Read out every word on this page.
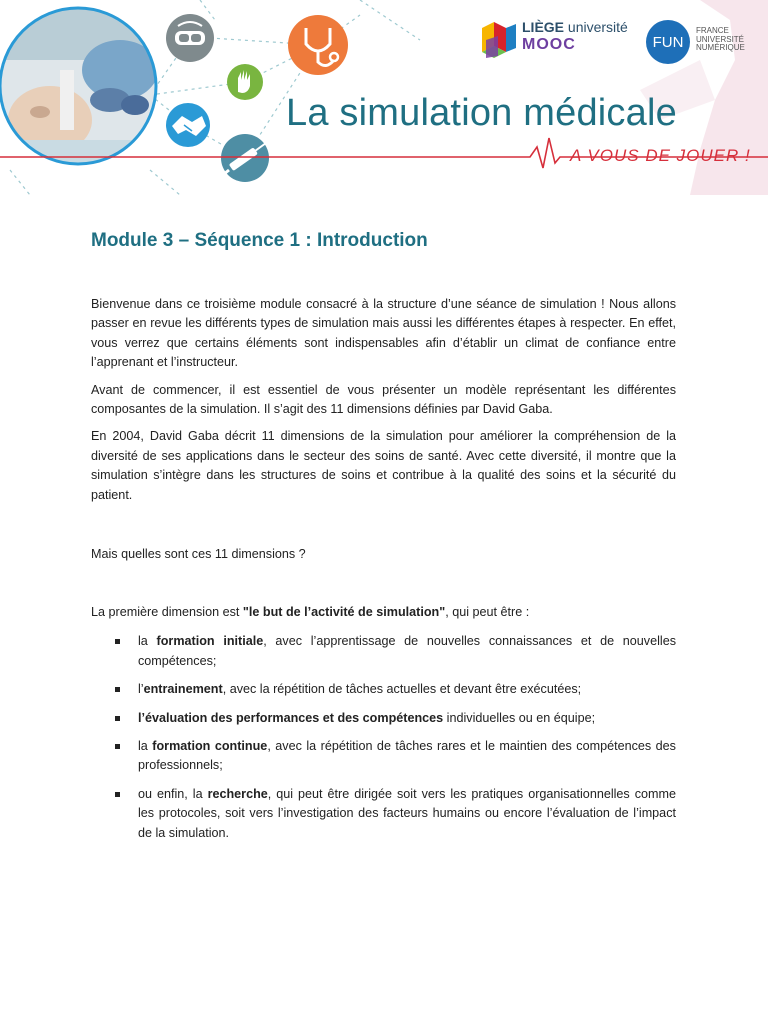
La simulation médicale
A VOUS DE JOUER !
LIÈGE université
MOOC	FUN
FRANCE
UNIVERSITÉ
NUMÉRIQUE
Module 3 – Séquence 1 : Introduction

Bienvenue dans ce troisième module consacré à la structure d’une séance de simulation ! Nous allons passer en revue les différents types de simulation mais aussi les différentes étapes à respecter. En effet, vous verrez que certains éléments sont indispensables afin d’établir un climat de confiance entre l’apprenant et l’instructeur.

Avant de commencer, il est essentiel de vous présenter un modèle représentant les différentes composantes de la simulation. Il s’agit des 11 dimensions définies par David Gaba.

En 2004, David Gaba décrit 11 dimensions de la simulation pour améliorer la compréhension de la diversité de ses applications dans le secteur des soins de santé. Avec cette diversité, il montre que la simulation s’intègre dans les structures de soins et contribue à la qualité des soins et la sécurité du patient.

Mais quelles sont ces 11 dimensions ?

La première dimension est "le but de l’activité de simulation", qui peut être :

la formation initiale, avec l’apprentissage de nouvelles connaissances et de nouvelles compétences;
l’entrainement, avec la répétition de tâches actuelles et devant être exécutées;
l’évaluation des performances et des compétences individuelles ou en équipe;
la formation continue, avec la répétition de tâches rares et le maintien des compétences des professionnels;
ou enfin, la recherche, qui peut être dirigée soit vers les pratiques organisationnelles comme les protocoles, soit vers l’investigation des facteurs humains ou encore l’évaluation de l’impact de la simulation.
